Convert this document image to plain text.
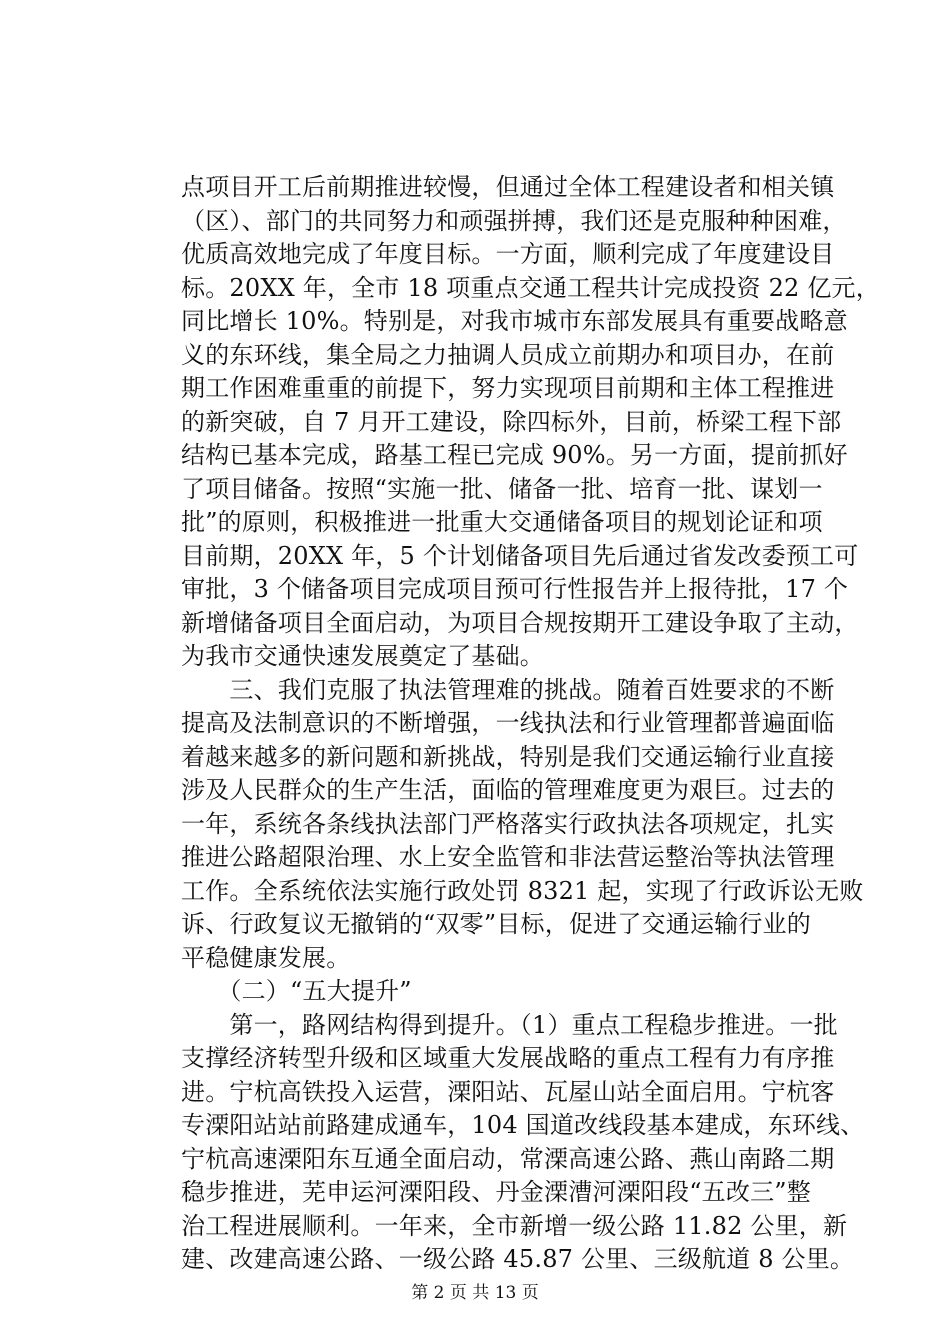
点项目开工后前期推进较慢，但通过全体工程建设者和相关镇
（区）、部门的共同努力和顽强拼搏，我们还是克服种种困难，
优质高效地完成了年度目标。一方面，顺利完成了年度建设目
标。20XX 年，全市 18 项重点交通工程共计完成投资 22 亿元，
同比增长 10%。特别是，对我市城市东部发展具有重要战略意
义的东环线，集全局之力抽调人员成立前期办和项目办，在前
期工作困难重重的前提下，努力实现项目前期和主体工程推进
的新突破，自 7 月开工建设，除四标外，目前，桥梁工程下部
结构已基本完成，路基工程已完成 90%。另一方面，提前抓好
了项目储备。按照“实施一批、储备一批、培育一批、谋划一
批”的原则，积极推进一批重大交通储备项目的规划论证和项
目前期，20XX 年，5 个计划储备项目先后通过省发改委预工可
审批，3 个储备项目完成项目预可行性报告并上报待批，17 个
新增储备项目全面启动，为项目合规按期开工建设争取了主动，
为我市交通快速发展奠定了基础。
　　三、我们克服了执法管理难的挑战。随着百姓要求的不断
提高及法制意识的不断增强，一线执法和行业管理都普遍面临
着越来越多的新问题和新挑战，特别是我们交通运输行业直接
涉及人民群众的生产生活，面临的管理难度更为艰巨。过去的
一年，系统各条线执法部门严格落实行政执法各项规定，扎实
推进公路超限治理、水上安全监管和非法营运整治等执法管理
工作。全系统依法实施行政处罚 8321 起，实现了行政诉讼无败
诉、行政复议无撤销的“双零”目标，促进了交通运输行业的
平稳健康发展。
　　（二）“五大提升”
　　第一，路网结构得到提升。（1）重点工程稳步推进。一批
支撑经济转型升级和区域重大发展战略的重点工程有力有序推
进。宁杭高铁投入运营，溧阳站、瓦屋山站全面启用。宁杭客
专溧阳站站前路建成通车，104 国道改线段基本建成，东环线、
宁杭高速溧阳东互通全面启动，常溧高速公路、燕山南路二期
稳步推进，芜申运河溧阳段、丹金溧漕河溧阳段“五改三”整
治工程进展顺利。一年来，全市新增一级公路 11.82 公里，新
建、改建高速公路、一级公路 45.87 公里、三级航道 8 公里。
第 2 页 共 13 页
